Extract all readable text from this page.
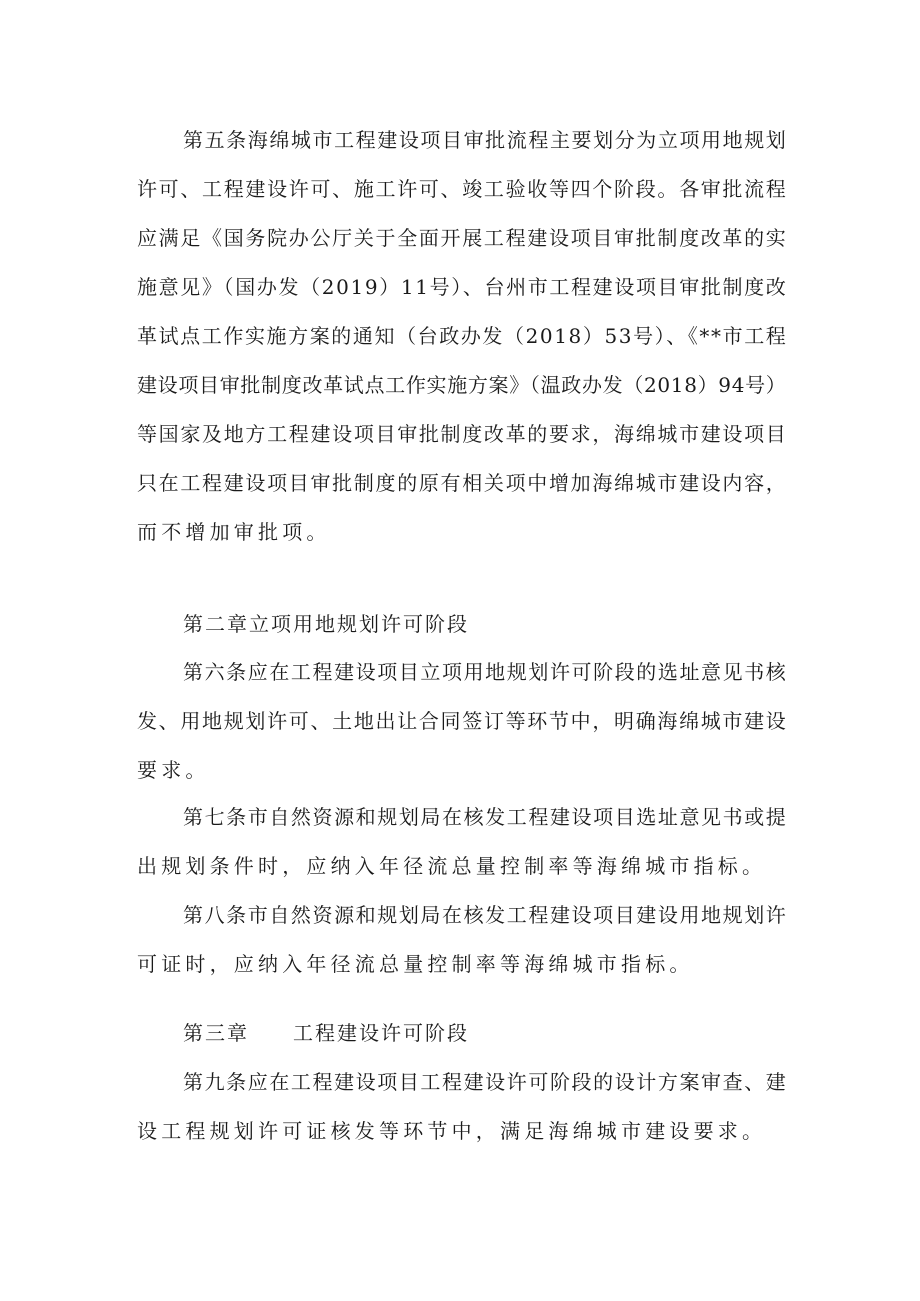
第五条海绵城市工程建设项目审批流程主要划分为立项用地规划
许可、工程建设许可、施工许可、竣工验收等四个阶段。各审批流程
应满足《国务院办公厅关于全面开展工程建设项目审批制度改革的实
施意见》（国办发（2019）11号）、台州市工程建设项目审批制度改
革试点工作实施方案的通知（台政办发（2018）53号）、《**市工程
建设项目审批制度改革试点工作实施方案》（温政办发（2018）94号）
等国家及地方工程建设项目审批制度改革的要求，海绵城市建设项目
只在工程建设项目审批制度的原有相关项中增加海绵城市建设内容，
而不增加审批项。
第二章立项用地规划许可阶段
第六条应在工程建设项目立项用地规划许可阶段的选址意见书核
发、用地规划许可、土地出让合同签订等环节中，明确海绵城市建设
要求。
第七条市自然资源和规划局在核发工程建设项目选址意见书或提
出规划条件时，应纳入年径流总量控制率等海绵城市指标。
第八条市自然资源和规划局在核发工程建设项目建设用地规划许
可证时，应纳入年径流总量控制率等海绵城市指标。
第三章　　工程建设许可阶段
第九条应在工程建设项目工程建设许可阶段的设计方案审查、建
设工程规划许可证核发等环节中，满足海绵城市建设要求。
